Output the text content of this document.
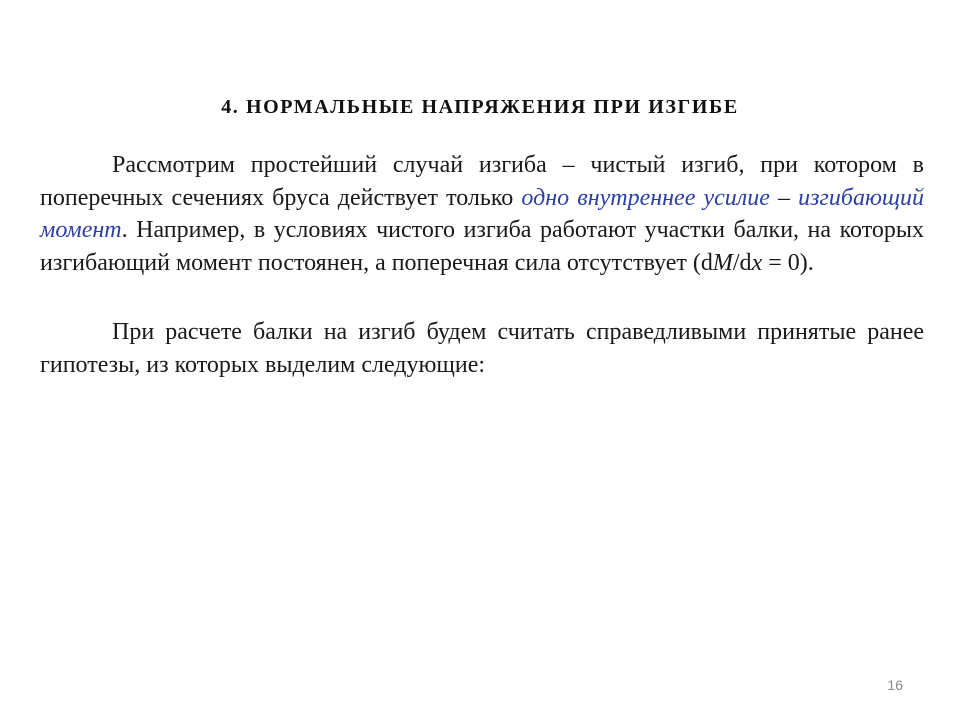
4. НОРМАЛЬНЫЕ НАПРЯЖЕНИЯ ПРИ ИЗГИБЕ

Рассмотрим простейший случай изгиба – чистый изгиб, при котором в поперечных сечениях бруса действует только одно внутреннее усилие – изгибающий момент. Например, в условиях чистого изгиба работают участки балки, на которых изгибающий момент постоянен, а поперечная сила отсутствует (dM/dx = 0).

При расчете балки на изгиб будем считать справедливыми принятые ранее гипотезы, из которых выделим следующие:

16
